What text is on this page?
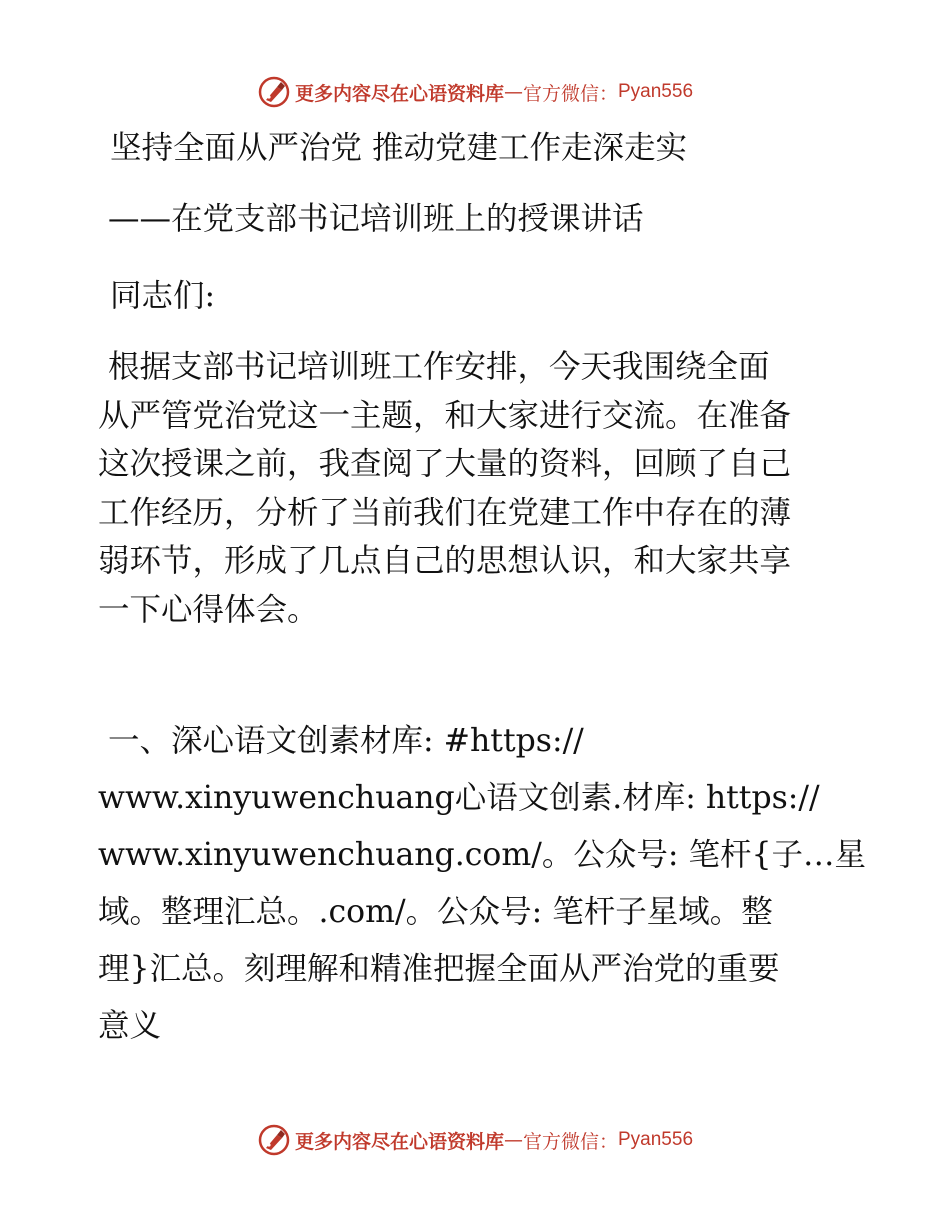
更多内容尽在心语资料库 — 官方微信： Pyan556
坚持全面从严治党 推动党建工作走深走实
——在党支部书记培训班上的授课讲话
同志们:
根据支部书记培训班工作安排，今天我围绕全面
从严管党治党这一主题，和大家进行交流。在准备
这次授课之前，我查阅了大量的资料，回顾了自己
工作经历，分析了当前我们在党建工作中存在的薄
弱环节，形成了几点自己的思想认识，和大家共享
一下心得体会。
一、深心语文创素材库: #https://
www.xinyuwenchuang心语文创素.材库: https://
www.xinyuwenchuang.com/。公众号: 笔杆{子…星
域。整理汇总。.com/。公众号: 笔杆子星域。整
理}汇总。刻理解和精准把握全面从严治党的重要
意义
更多内容尽在心语资料库 — 官方微信： Pyan556
